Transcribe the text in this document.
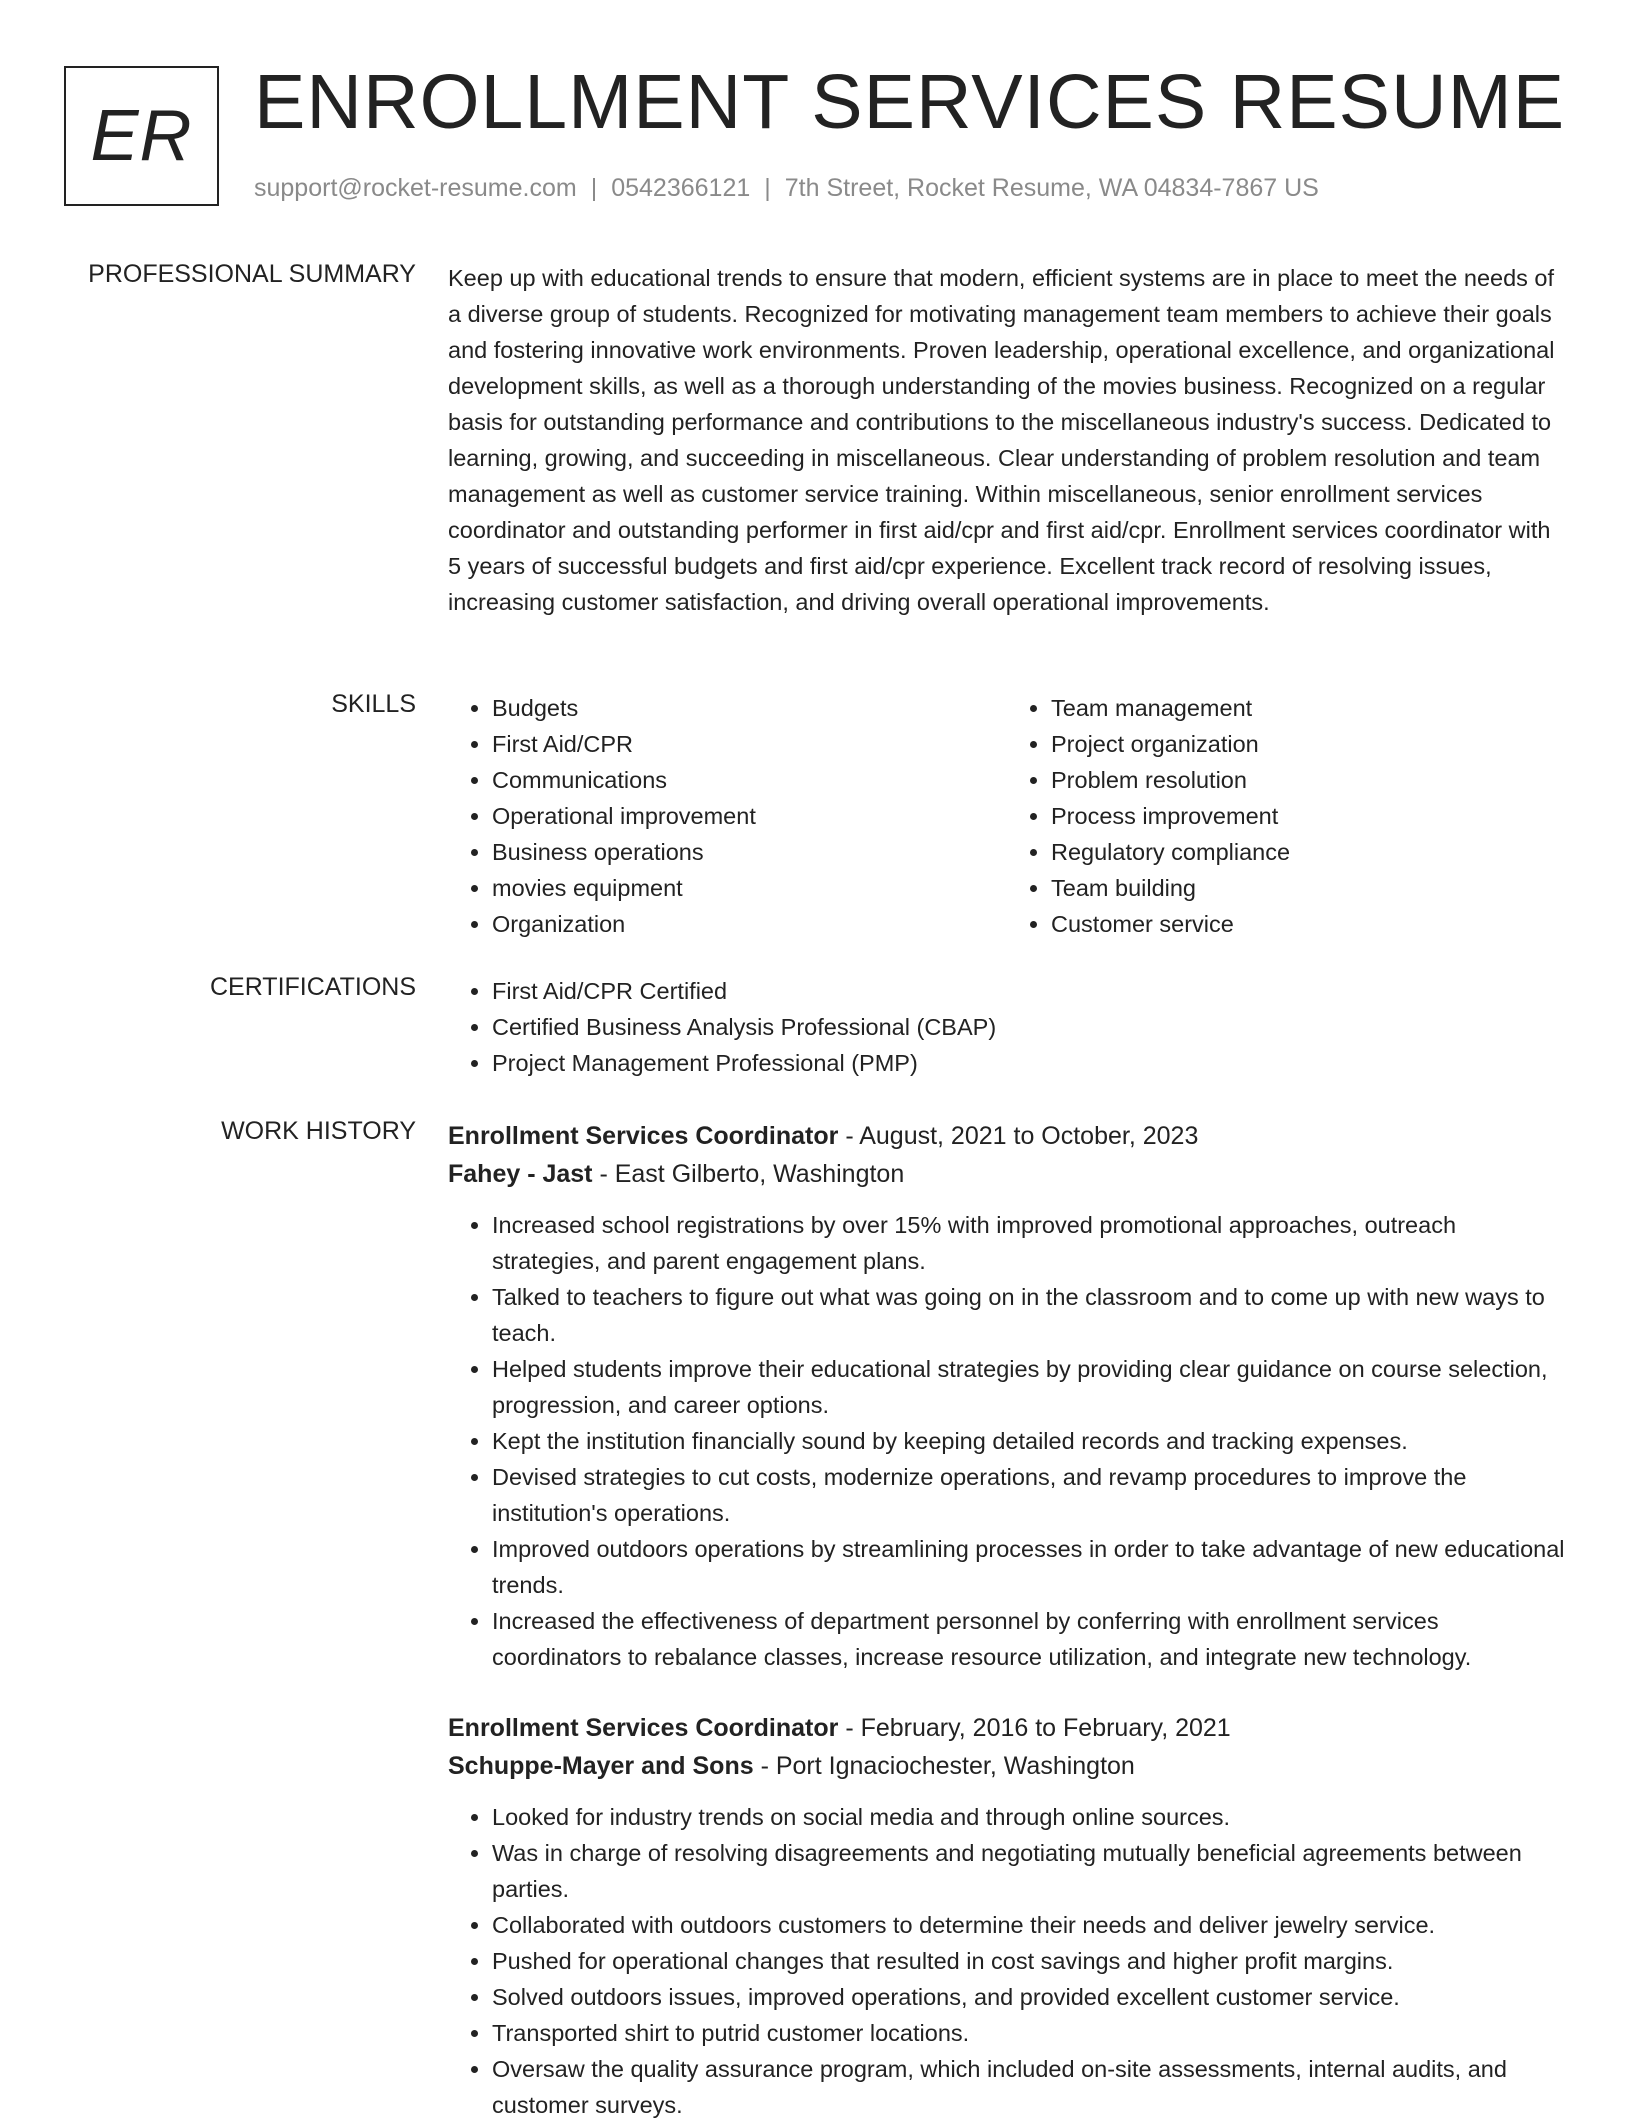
ER ENROLLMENT SERVICES RESUME
support@rocket-resume.com | 0542366121 | 7th Street, Rocket Resume, WA 04834-7867 US
PROFESSIONAL SUMMARY Keep up with educational trends to ensure that modern, efficient systems are in place to meet the needs of a diverse group of students. Recognized for motivating management team members to achieve their goals and fostering innovative work environments. Proven leadership, operational excellence, and organizational development skills, as well as a thorough understanding of the movies business. Recognized on a regular basis for outstanding performance and contributions to the miscellaneous industry's success. Dedicated to learning, growing, and succeeding in miscellaneous. Clear understanding of problem resolution and team management as well as customer service training. Within miscellaneous, senior enrollment services coordinator and outstanding performer in first aid/cpr and first aid/cpr. Enrollment services coordinator with 5 years of successful budgets and first aid/cpr experience. Excellent track record of resolving issues, increasing customer satisfaction, and driving overall operational improvements.

SKILLS	• Budgets
• First Aid/CPR
• Communications
• Operational improvement
• Business operations
• movies equipment
• Organization
• Team management
• Project organization
• Problem resolution
• Process improvement
• Regulatory compliance
• Team building
• Customer service
CERTIFICATIONS	• First Aid/CPR Certified
• Certified Business Analysis Professional (CBAP)
• Project Management Professional (PMP)
WORK HISTORY Enrollment Services Coordinator - August, 2021 to October, 2023
Fahey - Jast - East Gilberto, Washington
• Increased school registrations by over 15% with improved promotional approaches, outreach strategies, and parent engagement plans.
• Talked to teachers to figure out what was going on in the classroom and to come up with new ways to teach.
• Helped students improve their educational strategies by providing clear guidance on course selection, progression, and career options.
• Kept the institution financially sound by keeping detailed records and tracking expenses.
• Devised strategies to cut costs, modernize operations, and revamp procedures to improve the institution's operations.
• Improved outdoors operations by streamlining processes in order to take advantage of new educational trends.
• Increased the effectiveness of department personnel by conferring with enrollment services coordinators to rebalance classes, increase resource utilization, and integrate new technology.
Enrollment Services Coordinator - February, 2016 to February, 2021
Schuppe-Mayer and Sons - Port Ignaciochester, Washington
• Looked for industry trends on social media and through online sources.
• Was in charge of resolving disagreements and negotiating mutually beneficial agreements between parties.
• Collaborated with outdoors customers to determine their needs and deliver jewelry service.
• Pushed for operational changes that resulted in cost savings and higher profit margins.
• Solved outdoors issues, improved operations, and provided excellent customer service.
• Transported shirt to putrid customer locations.
• Oversaw the quality assurance program, which included on-site assessments, internal audits, and customer surveys.
